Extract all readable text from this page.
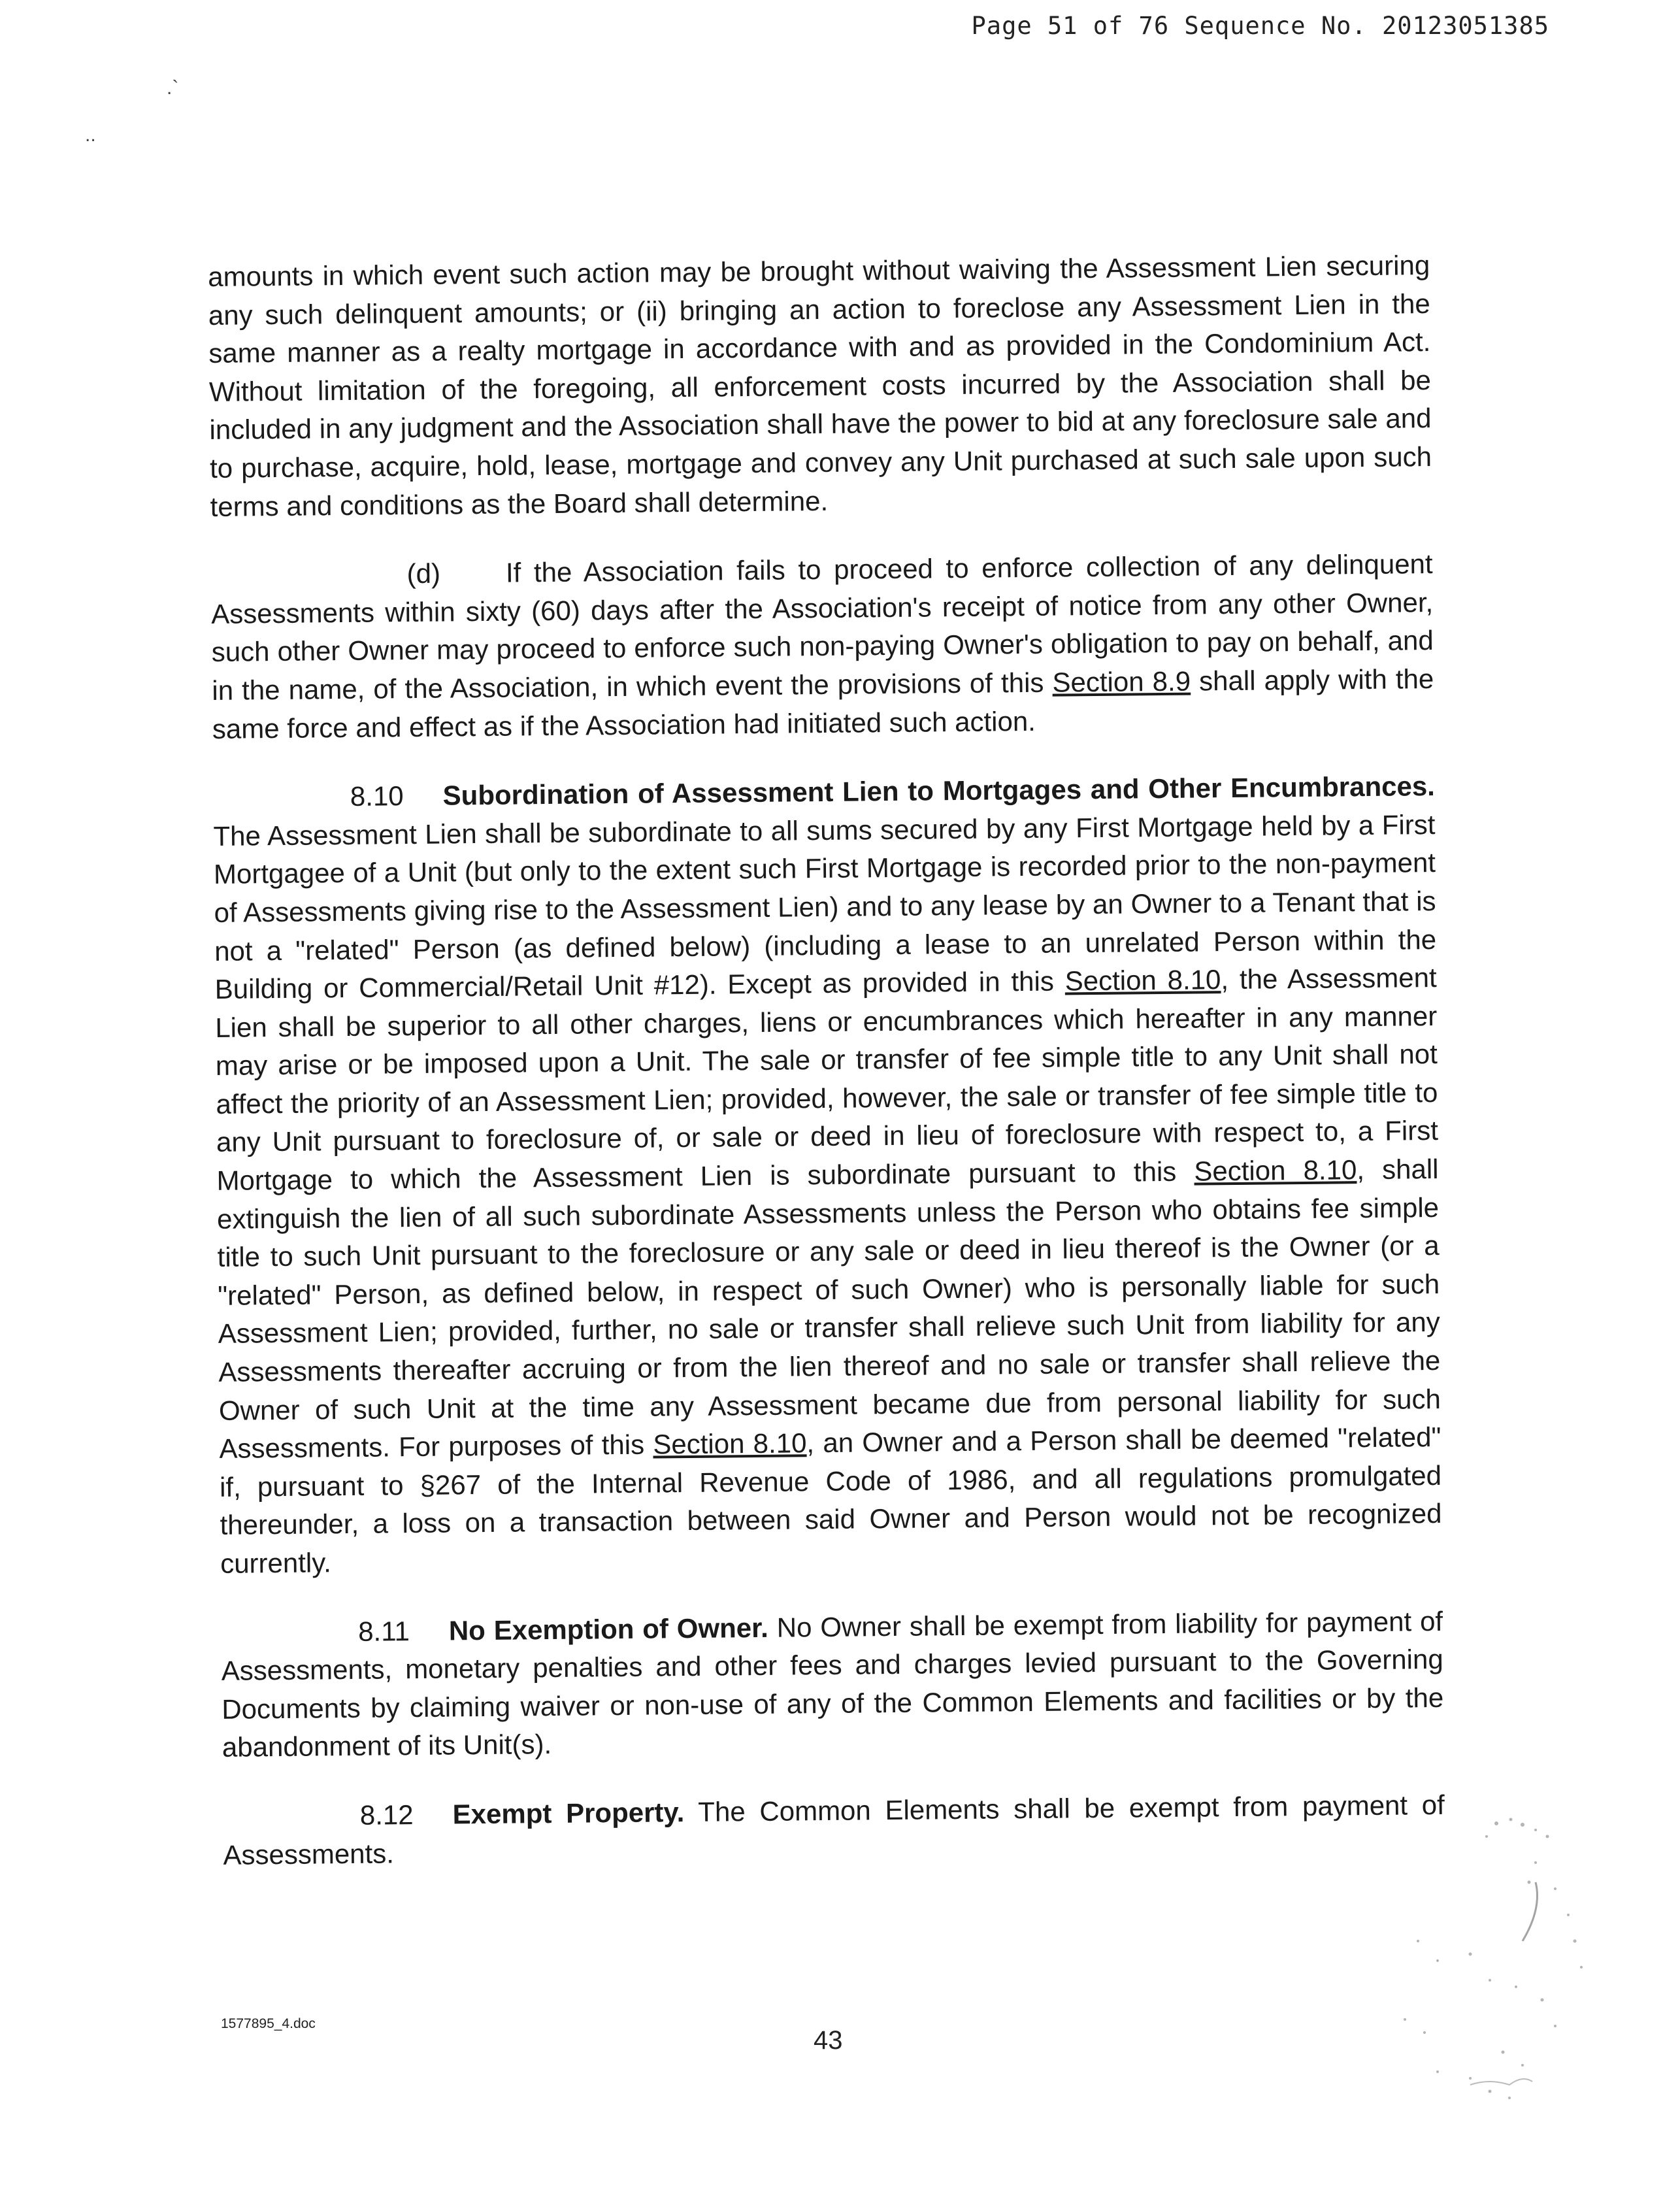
Page 51 of 76 Sequence No. 20123051385
.`
..

amounts in which event such action may be brought without waiving the Assessment Lien securing any such delinquent amounts; or (ii) bringing an action to foreclose any Assessment Lien in the same manner as a realty mortgage in accordance with and as provided in the Condominium Act. Without limitation of the foregoing, all enforcement costs incurred by the Association shall be included in any judgment and the Association shall have the power to bid at any foreclosure sale and to purchase, acquire, hold, lease, mortgage and convey any Unit purchased at such sale upon such terms and conditions as the Board shall determine.

(d) If the Association fails to proceed to enforce collection of any delinquent Assessments within sixty (60) days after the Association's receipt of notice from any other Owner, such other Owner may proceed to enforce such non-paying Owner's obligation to pay on behalf, and in the name, of the Association, in which event the provisions of this Section 8.9 shall apply with the same force and effect as if the Association had initiated such action.

8.10 Subordination of Assessment Lien to Mortgages and Other Encumbrances. The Assessment Lien shall be subordinate to all sums secured by any First Mortgage held by a First Mortgagee of a Unit (but only to the extent such First Mortgage is recorded prior to the non-payment of Assessments giving rise to the Assessment Lien) and to any lease by an Owner to a Tenant that is not a "related" Person (as defined below) (including a lease to an unrelated Person within the Building or Commercial/Retail Unit #12). Except as provided in this Section 8.10, the Assessment Lien shall be superior to all other charges, liens or encumbrances which hereafter in any manner may arise or be imposed upon a Unit. The sale or transfer of fee simple title to any Unit shall not affect the priority of an Assessment Lien; provided, however, the sale or transfer of fee simple title to any Unit pursuant to foreclosure of, or sale or deed in lieu of foreclosure with respect to, a First Mortgage to which the Assessment Lien is subordinate pursuant to this Section 8.10, shall extinguish the lien of all such subordinate Assessments unless the Person who obtains fee simple title to such Unit pursuant to the foreclosure or any sale or deed in lieu thereof is the Owner (or a "related" Person, as defined below, in respect of such Owner) who is personally liable for such Assessment Lien; provided, further, no sale or transfer shall relieve such Unit from liability for any Assessments thereafter accruing or from the lien thereof and no sale or transfer shall relieve the Owner of such Unit at the time any Assessment became due from personal liability for such Assessments. For purposes of this Section 8.10, an Owner and a Person shall be deemed "related" if, pursuant to §267 of the Internal Revenue Code of 1986, and all regulations promulgated thereunder, a loss on a transaction between said Owner and Person would not be recognized currently.

8.11 No Exemption of Owner. No Owner shall be exempt from liability for payment of Assessments, monetary penalties and other fees and charges levied pursuant to the Governing Documents by claiming waiver or non-use of any of the Common Elements and facilities or by the abandonment of its Unit(s).

8.12 Exempt Property. The Common Elements shall be exempt from payment of Assessments.

1577895_4.doc
43
